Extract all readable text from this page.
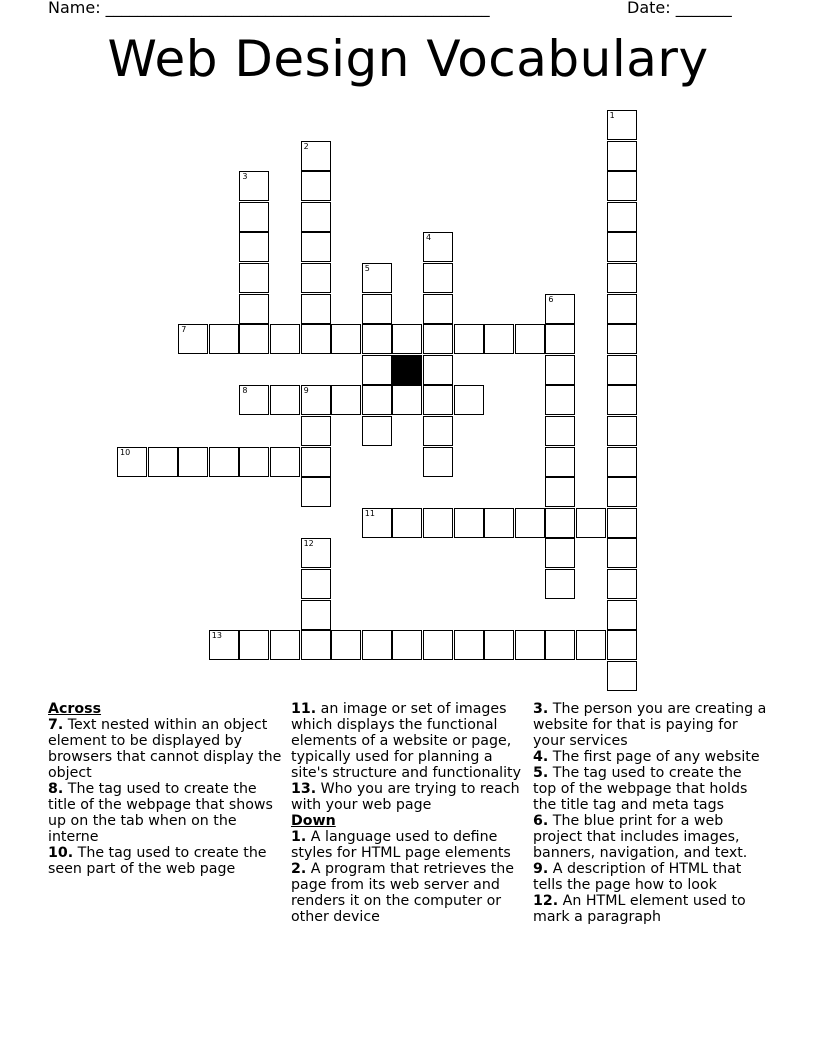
Name: ________________________________________________	Date: _______
Web Design Vocabulary
1
2
3
4
5
6
7
8	9
10
11
12
13
Across
7. Text nested within an object element to be displayed by browsers that cannot display the object
8. The tag used to create the title of the webpage that shows up on the tab when on the interne
10. The tag used to create the seen part of the web page
11. an image or set of images which displays the functional elements of a website or page, typically used for planning a site's structure and functionality
13. Who you are trying to reach with your web page
Down
1. A language used to define styles for HTML page elements
2. A program that retrieves the page from its web server and renders it on the computer or other device
3. The person you are creating a website for that is paying for your services
4. The first page of any website
5. The tag used to create the top of the webpage that holds the title tag and meta tags
6. The blue print for a web project that includes images, banners, navigation, and text.
9. A description of HTML that tells the page how to look
12. An HTML element used to mark a paragraph
